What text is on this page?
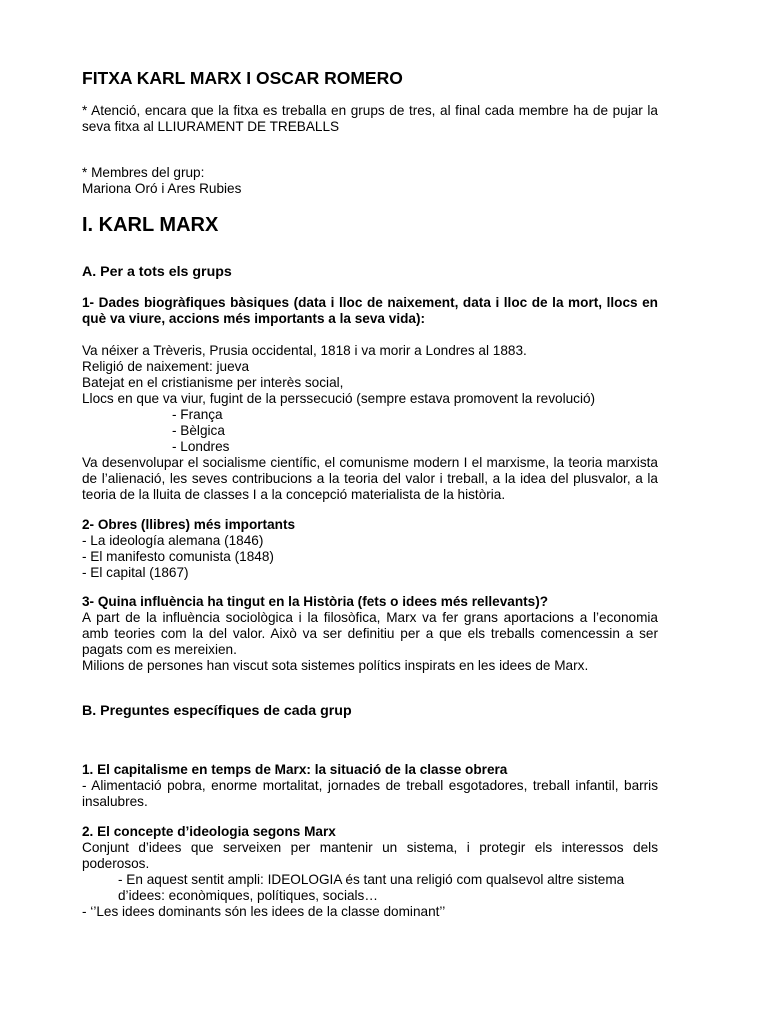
FITXA KARL MARX I OSCAR ROMERO

* Atenció, encara que la fitxa es treballa en grups de tres, al final cada membre ha de pujar la seva fitxa al LLIURAMENT DE TREBALLS

* Membres del grup:

Mariona Oró i Ares Rubies

I. KARL MARX
A. Per a tots els grups
1- Dades biogràfiques bàsiques (data i lloc de naixement, data i lloc de la mort, llocs en què va viure, accions més importants a la seva vida):

Va néixer a Trèveris, Prusia occidental, 1818 i va morir a Londres al 1883.

Religió de naixement: jueva

Batejat en el cristianisme per interès social,

Llocs en que va viur, fugint de la perssecució (sempre estava promovent la revolució)

- França

- Bèlgica

- Londres

Va desenvolupar el socialisme científic, el comunisme modern I el marxisme, la teoria marxista de l’alienació, les seves contribucions a la teoria del valor i treball, a la idea del plusvalor, a la teoria de la lluita de classes I a la concepció materialista de la història.

2- Obres (llibres) més importants

- La ideología alemana (1846)

- El manifesto comunista (1848)

- El capital (1867)

3- Quina influència ha tingut en la Història (fets o idees més rellevants)?

A part de la influència sociològica i la filosòfica, Marx va fer grans aportacions a l’economia amb teories com la del valor. Això va ser definitiu per a que els treballs comencessin a ser pagats com es mereixien.

Milions de persones han viscut sota sistemes polítics inspirats en les idees de Marx.

B. Preguntes específiques de cada grup
1. El capitalisme en temps de Marx: la situació de la classe obrera

- Alimentació pobra, enorme mortalitat, jornades de treball esgotadores, treball infantil, barris insalubres.

2. El concepte d’ideologia segons Marx

Conjunt d’idees que serveixen per mantenir un sistema, i protegir els interessos dels poderosos.

- En aquest sentit ampli: IDEOLOGIA és tant una religió com qualsevol altre sistema d’idees: econòmiques, polítiques, socials…

- ‘’Les idees dominants són les idees de la classe dominant’’
